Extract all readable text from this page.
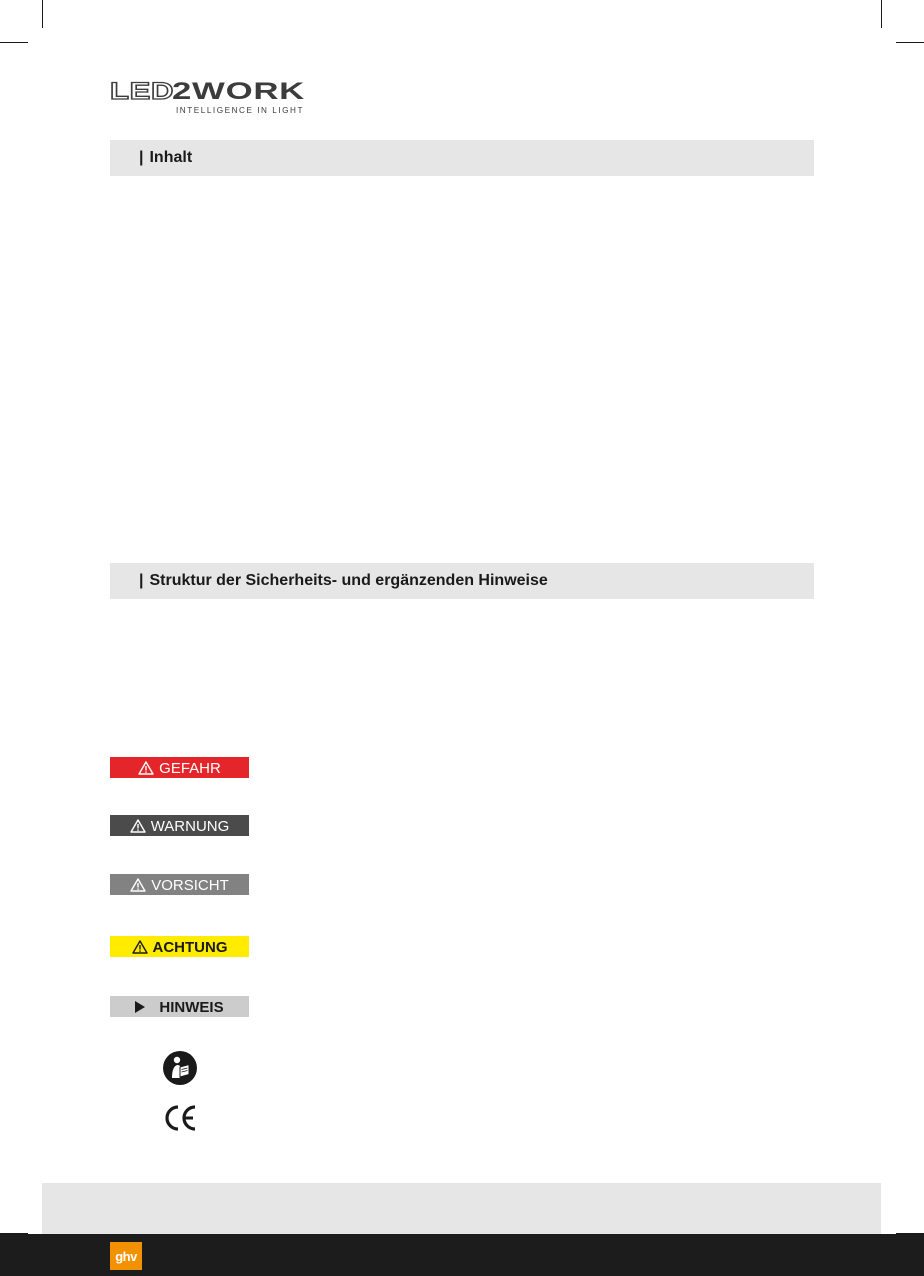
LED
2WORK
INTELLIGENCE IN LIGHT
| Inhalt
| Struktur der Sicherheits- und ergänzenden Hinweise
GEFAHR
WARNUNG
VORSICHT
ACHTUNG
HINWEIS
ghv
